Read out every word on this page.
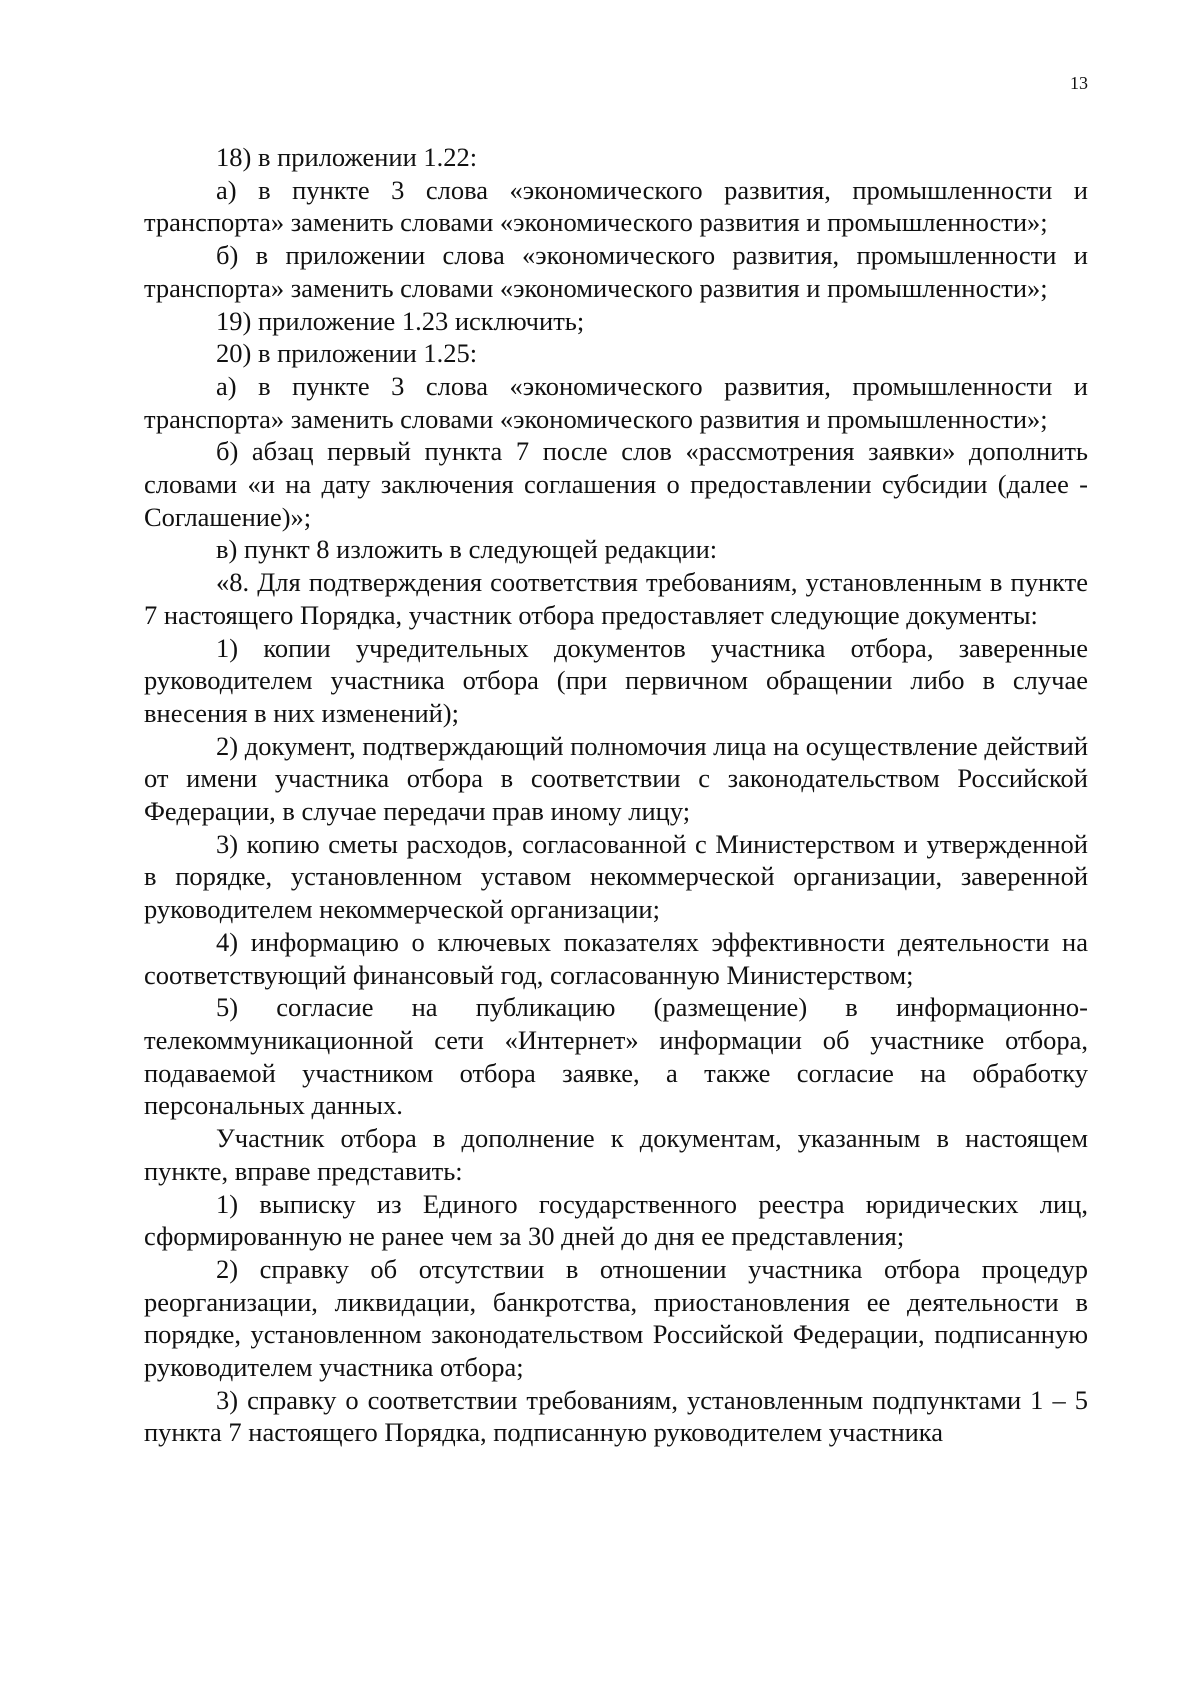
13

18) в приложении 1.22:

а) в пункте 3 слова «экономического развития, промышленности и транспорта» заменить словами «экономического развития и промышленности»;

б) в приложении слова «экономического развития, промышленности и транспорта» заменить словами «экономического развития и промышленности»;

19) приложение 1.23 исключить;

20) в приложении 1.25:

а) в пункте 3 слова «экономического развития, промышленности и транспорта» заменить словами «экономического развития и промышленности»;

б) абзац первый пункта 7 после слов «рассмотрения заявки» дополнить словами «и на дату заключения соглашения о предоставлении субсидии (далее - Соглашение)»;

в) пункт 8 изложить в следующей редакции:

«8. Для подтверждения соответствия требованиям, установленным в пункте 7 настоящего Порядка, участник отбора предоставляет следующие документы:

1) копии учредительных документов участника отбора, заверенные руководителем участника отбора (при первичном обращении либо в случае внесения в них изменений);

2) документ, подтверждающий полномочия лица на осуществление действий от имени участника отбора в соответствии с законодательством Российской Федерации, в случае передачи прав иному лицу;

3) копию сметы расходов, согласованной с Министерством и утвержденной в порядке, установленном уставом некоммерческой организации, заверенной руководителем некоммерческой организации;

4) информацию о ключевых показателях эффективности деятельности на соответствующий финансовый год, согласованную Министерством;

5) согласие на публикацию (размещение) в информационно-телекоммуникационной сети «Интернет» информации об участнике отбора, подаваемой участником отбора заявке, а также согласие на обработку персональных данных.

Участник отбора в дополнение к документам, указанным в настоящем пункте, вправе представить:

1) выписку из Единого государственного реестра юридических лиц, сформированную не ранее чем за 30 дней до дня ее представления;

2) справку об отсутствии в отношении участника отбора процедур реорганизации, ликвидации, банкротства, приостановления ее деятельности в порядке, установленном законодательством Российской Федерации, подписанную руководителем участника отбора;

3) справку о соответствии требованиям, установленным подпунктами 1 – 5 пункта 7 настоящего Порядка, подписанную руководителем участника
